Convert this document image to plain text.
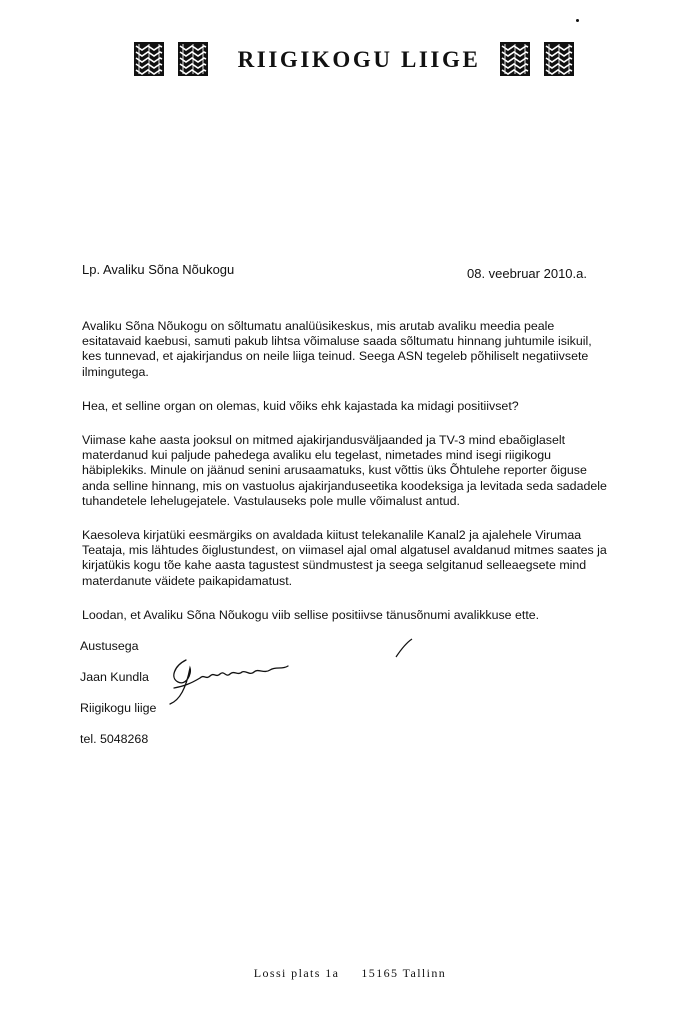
RIIGIKOGU LIIGE
Lp. Avaliku Sõna Nõukogu	08. veebruar 2010.a.

Avaliku Sõna Nõukogu on sõltumatu analüüsikeskus, mis arutab avaliku meedia peale esitatavaid kaebusi, samuti pakub lihtsa võimaluse saada sõltumatu hinnang juhtumile isikuil, kes tunnevad, et ajakirjandus on neile liiga teinud. Seega ASN tegeleb põhiliselt negatiivsete ilmingutega.

Hea, et selline organ on olemas, kuid võiks ehk kajastada ka midagi positiivset?

Viimase kahe aasta jooksul on mitmed ajakirjandusväljaanded ja TV-3 mind ebaõiglaselt materdanud kui paljude pahedega avaliku elu tegelast, nimetades mind isegi riigikogu häbiplekiks. Minule on jäänud senini arusaamatuks, kust võttis üks Õhtulehe reporter õiguse anda selline hinnang, mis on vastuolus ajakirjanduseetika koodeksiga ja levitada seda sadadele tuhandetele lehelugejatele. Vastulauseks pole mulle võimalust antud.

Kaesoleva kirjatüki eesmärgiks on avaldada kiitust telekanalile Kanal2 ja ajalehele Virumaa Teataja, mis lähtudes õiglustundest, on viimasel ajal omal algatusel avaldanud mitmes saates ja kirjatükis kogu tõe kahe aasta tagustest sündmustest ja seega selgitanud selleaegsete mind materdanute väidete paikapidamatust.

Loodan, et Avaliku Sõna Nõukogu viib sellise positiivse tänusõnumi avalikkuse ette.

Austusega
Jaan Kundla
Riigikogu liige
tel. 5048268
Lossi plats 1a 15165 Tallinn
